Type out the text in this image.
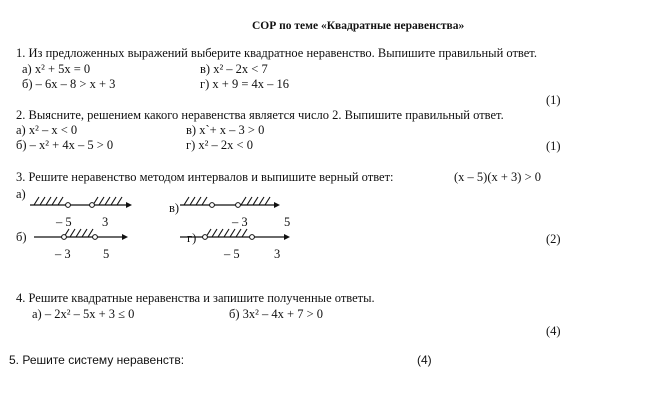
СОР по теме «Квадратные неравенства»
1. Из предложенных выражений выберите квадратное неравенство. Выпишите правильный ответ.
а) x² + 5x = 0	в) x² – 2x < 7
б) – 6x – 8 > x + 3	г) x + 9 = 4x – 16
(1)
2. Выясните, решением какого неравенства является число 2. Выпишите правильный ответ.
а) x² – x < 0	в) x`+ x – 3 > 0
б) – x² + 4x – 5 > 0	г) x² – 2x < 0	(1)
3. Решите неравенство методом интервалов и выпишите верный ответ:	(x – 5)(x + 3) > 0
а)
– 5 3
в)
– 3	5
б)
– 3	5
г)
– 5	3
(2)
4. Решите квадратные неравенства и запишите полученные ответы.
а) – 2x² – 5x + 3 ≤ 0	б) 3x² – 4x + 7 > 0
(4)
5. Решите систему неравенств:	(4)
